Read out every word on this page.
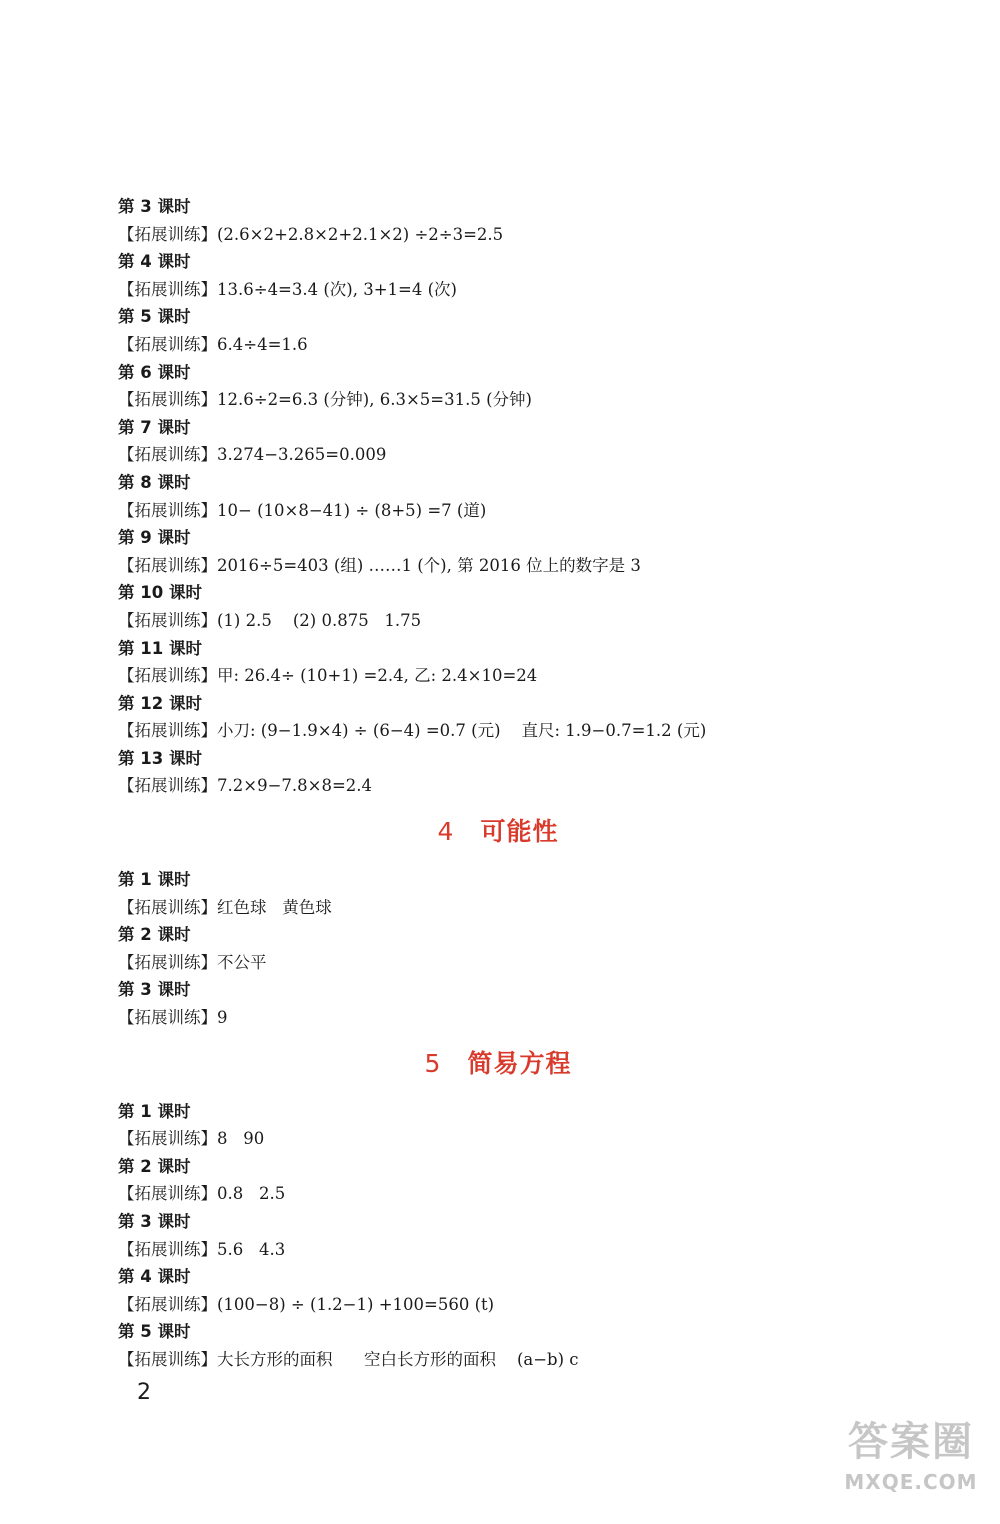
第 3 课时
【拓展训练】(2.6×2+2.8×2+2.1×2) ÷2÷3=2.5
第 4 课时
【拓展训练】13.6÷4=3.4 (次), 3+1=4 (次)
第 5 课时
【拓展训练】6.4÷4=1.6
第 6 课时
【拓展训练】12.6÷2=6.3 (分钟), 6.3×5=31.5 (分钟)
第 7 课时
【拓展训练】3.274−3.265=0.009
第 8 课时
【拓展训练】10− (10×8−41) ÷ (8+5) =7 (道)
第 9 课时
【拓展训练】2016÷5=403 (组) ……1 (个), 第 2016 位上的数字是 3
第 10 课时
【拓展训练】(1) 2.5    (2) 0.875   1.75
第 11 课时
【拓展训练】甲: 26.4÷ (10+1) =2.4, 乙: 2.4×10=24
第 12 课时
【拓展训练】小刀: (9−1.9×4) ÷ (6−4) =0.7 (元)    直尺: 1.9−0.7=1.2 (元)
第 13 课时
【拓展训练】7.2×9−7.8×8=2.4
4 可能性
第 1 课时
【拓展训练】红色球   黄色球
第 2 课时
【拓展训练】不公平
第 3 课时
【拓展训练】9
5 简易方程
第 1 课时
【拓展训练】8   90
第 2 课时
【拓展训练】0.8   2.5
第 3 课时
【拓展训练】5.6   4.3
第 4 课时
【拓展训练】(100−8) ÷ (1.2−1) +100=560 (t)
第 5 课时
【拓展训练】大长方形的面积      空白长方形的面积    (a−b) c
2
答案圈
MXQE.COM
